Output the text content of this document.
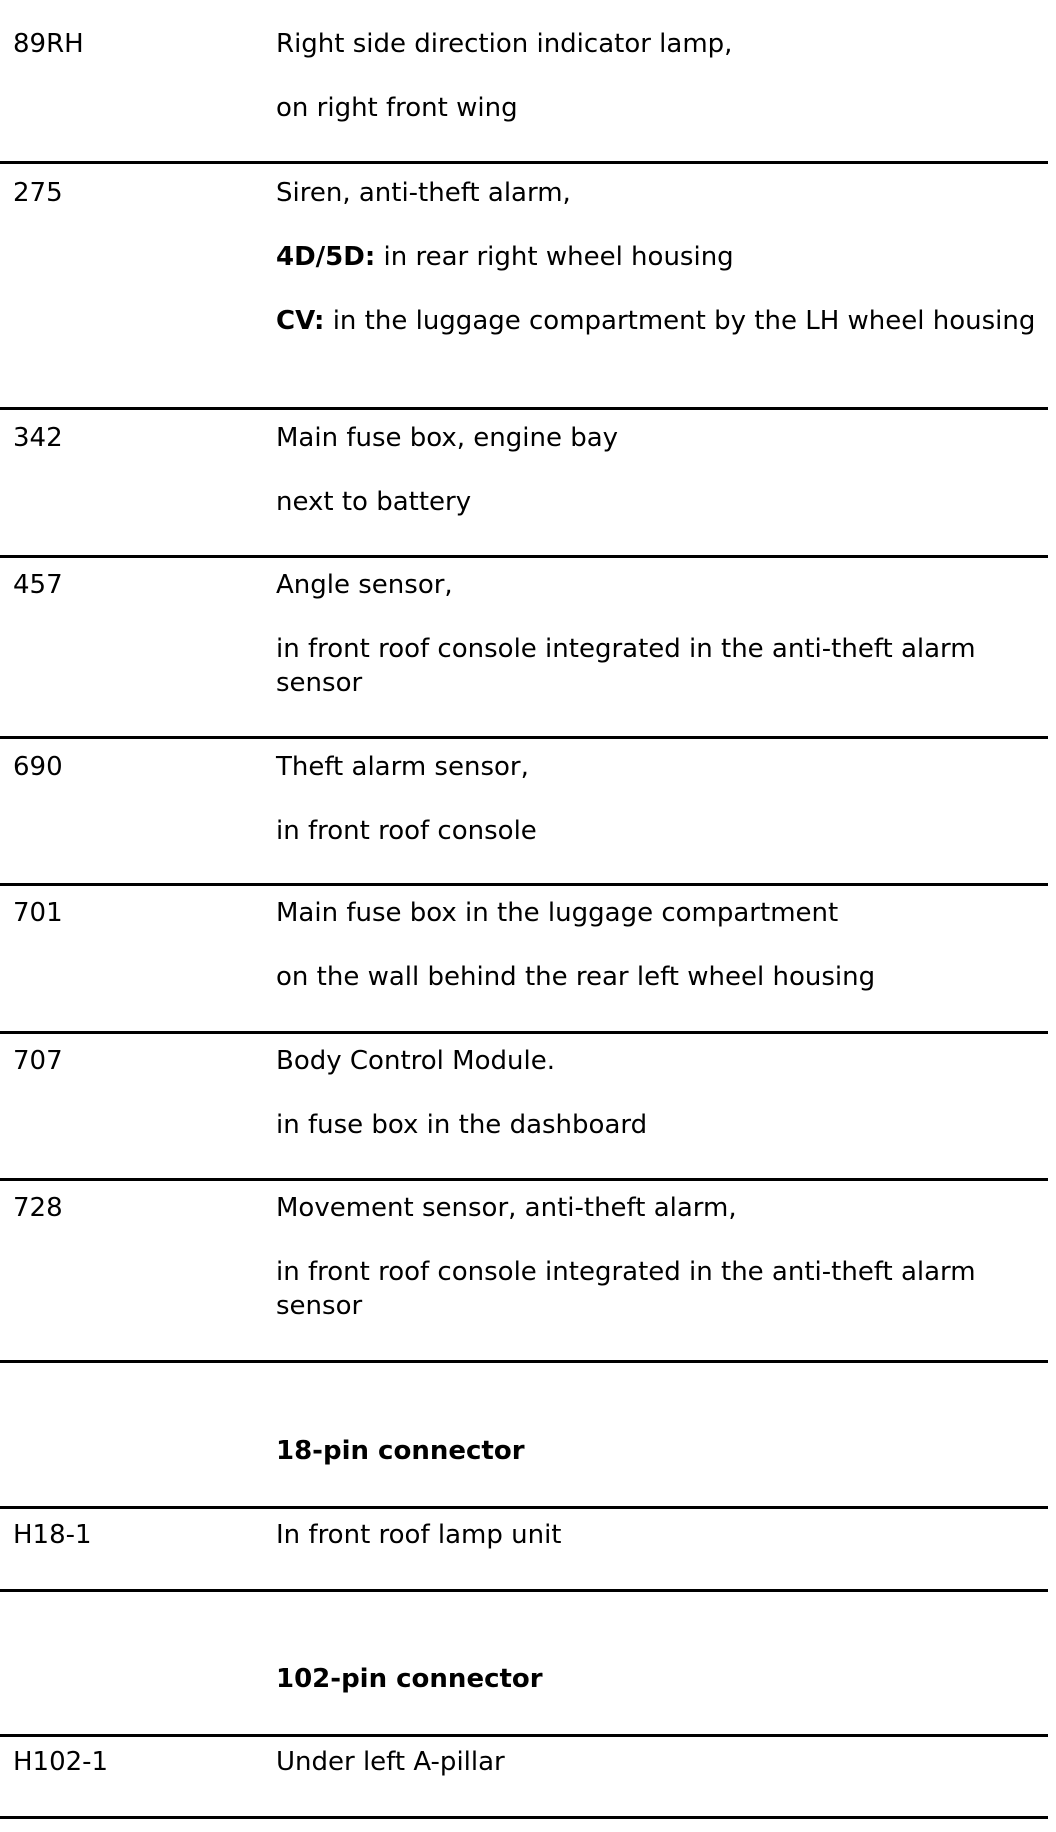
89RH	Right side direction indicator lamp,

on right front wing

275	Siren, anti-theft alarm,

4D/5D: in rear right wheel housing

CV: in the luggage compartment by the LH wheel housing

342	Main fuse box, engine bay

next to battery

457	Angle sensor,

in front roof console integrated in the anti-theft alarm sensor

690	Theft alarm sensor,

in front roof console

701	Main fuse box in the luggage compartment

on the wall behind the rear left wheel housing

707	Body Control Module.

in fuse box in the dashboard

728	Movement sensor, anti-theft alarm,

in front roof console integrated in the anti-theft alarm sensor

18-pin connector
H18-1	In front roof lamp unit
102-pin connector
H102-1	Under left A-pillar
